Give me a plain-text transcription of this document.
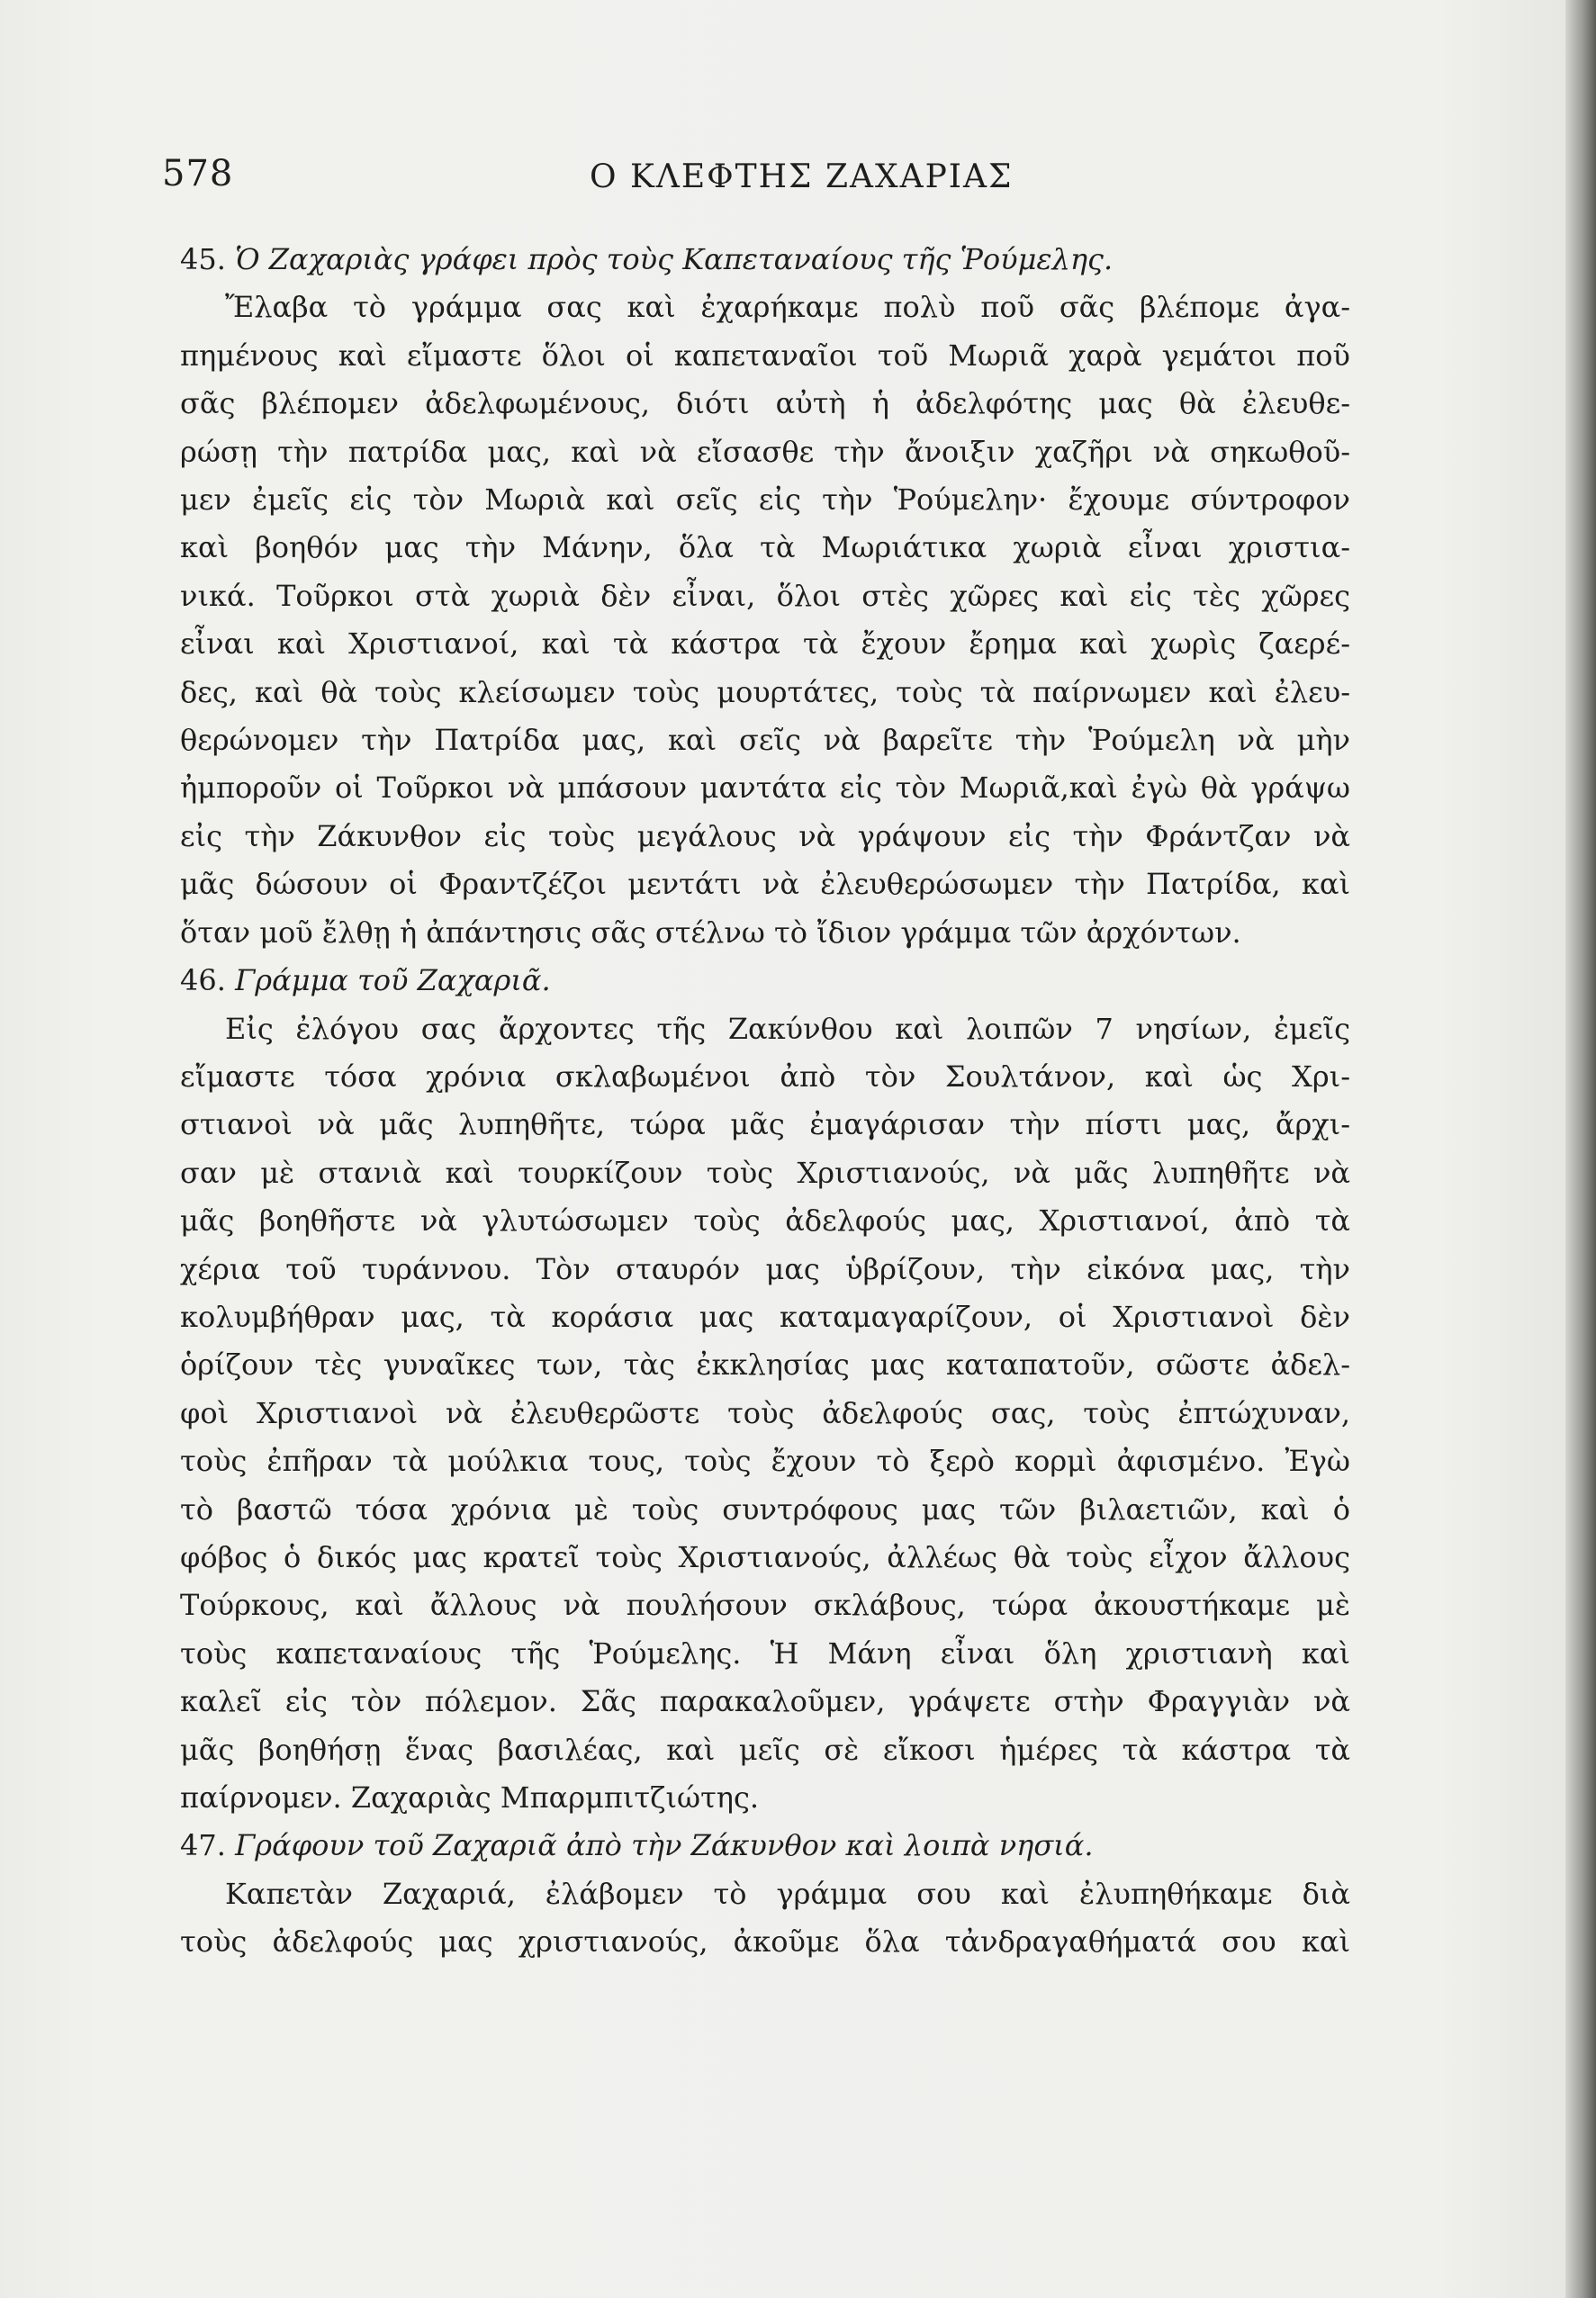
578	Ο ΚΛΕΦΤΗΣ ΖΑΧΑΡΙΑΣ
45. Ὁ Ζαχαριὰς γράφει πρὸς τοὺς Καπεταναίους τῆς Ῥούμελης.
Ἔλαβα τὸ γράμμα σας καὶ ἐχαρήκαμε πολὺ ποῦ σᾶς βλέπομε ἀγα-
πημένους καὶ εἴμαστε ὅλοι οἱ καπεταναῖοι τοῦ Μωριᾶ χαρὰ γεμάτοι ποῦ
σᾶς βλέπομεν ἀδελφωμένους, διότι αὐτὴ ἡ ἀδελφότης μας θὰ ἐλευθε-
ρώσῃ τὴν πατρίδα μας, καὶ νὰ εἴσασθε τὴν ἄνοιξιν χαζῆρι νὰ σηκωθοῦ-
μεν ἐμεῖς εἰς τὸν Μωριὰ καὶ σεῖς εἰς τὴν Ῥούμελην· ἔχουμε σύντροφον
καὶ βοηθόν μας τὴν Μάνην, ὅλα τὰ Μωριάτικα χωριὰ εἶναι χριστια-
νικά. Τοῦρκοι στὰ χωριὰ δὲν εἶναι, ὅλοι στὲς χῶρες καὶ εἰς τὲς χῶρες
εἶναι καὶ Χριστιανοί, καὶ τὰ κάστρα τὰ ἔχουν ἔρημα καὶ χωρὶς ζαερέ-
δες, καὶ θὰ τοὺς κλείσωμεν τοὺς μουρτάτες, τοὺς τὰ παίρνωμεν καὶ ἐλευ-
θερώνομεν τὴν Πατρίδα μας, καὶ σεῖς νὰ βαρεῖτε τὴν Ῥούμελη νὰ μὴν
ἠμποροῦν οἱ Τοῦρκοι νὰ μπάσουν μαντάτα εἰς τὸν Μωριᾶ,καὶ ἐγὼ θὰ γράψω
εἰς τὴν Ζάκυνθον εἰς τοὺς μεγάλους νὰ γράψουν εἰς τὴν Φράντζαν νὰ
μᾶς δώσουν οἱ Φραντζέζοι μεντάτι νὰ ἐλευθερώσωμεν τὴν Πατρίδα, καὶ
ὅταν μοῦ ἔλθῃ ἡ ἀπάντησις σᾶς στέλνω τὸ ἴδιον γράμμα τῶν ἀρχόντων.
46. Γράμμα τοῦ Ζαχαριᾶ.
Εἰς ἐλόγου σας ἄρχοντες τῆς Ζακύνθου καὶ λοιπῶν 7 νησίων, ἐμεῖς
εἴμαστε τόσα χρόνια σκλαβωμένοι ἀπὸ τὸν Σουλτάνον, καὶ ὡς Χρι-
στιανοὶ νὰ μᾶς λυπηθῆτε, τώρα μᾶς ἐμαγάρισαν τὴν πίστι μας, ἄρχι-
σαν μὲ στανιὰ καὶ τουρκίζουν τοὺς Χριστιανούς, νὰ μᾶς λυπηθῆτε νὰ
μᾶς βοηθῆστε νὰ γλυτώσωμεν τοὺς ἀδελφούς μας, Χριστιανοί, ἀπὸ τὰ
χέρια τοῦ τυράννου. Τὸν σταυρόν μας ὑβρίζουν, τὴν εἰκόνα μας, τὴν
κολυμβήθραν μας, τὰ κοράσια μας καταμαγαρίζουν, οἱ Χριστιανοὶ δὲν
ὁρίζουν τὲς γυναῖκες των, τὰς ἐκκλησίας μας καταπατοῦν, σῶστε ἀδελ-
φοὶ Χριστιανοὶ νὰ ἐλευθερῶστε τοὺς ἀδελφούς σας, τοὺς ἐπτώχυναν,
τοὺς ἐπῆραν τὰ μούλκια τους, τοὺς ἔχουν τὸ ξερὸ κορμὶ ἀφισμένο. Ἐγὼ
τὸ βαστῶ τόσα χρόνια μὲ τοὺς συντρόφους μας τῶν βιλαετιῶν, καὶ ὁ
φόβος ὁ δικός μας κρατεῖ τοὺς Χριστιανούς, ἀλλέως θὰ τοὺς εἶχον ἄλλους
Τούρκους, καὶ ἄλλους νὰ πουλήσουν σκλάβους, τώρα ἀκουστήκαμε μὲ
τοὺς καπεταναίους τῆς Ῥούμελης. Ἡ Μάνη εἶναι ὅλη χριστιανὴ καὶ
καλεῖ εἰς τὸν πόλεμον. Σᾶς παρακαλοῦμεν, γράψετε στὴν Φραγγιὰν νὰ
μᾶς βοηθήσῃ ἕνας βασιλέας, καὶ μεῖς σὲ εἴκοσι ἡμέρες τὰ κάστρα τὰ
παίρνομεν. Ζαχαριὰς Μπαρμπιτζιώτης.
47. Γράφουν τοῦ Ζαχαριᾶ ἀπὸ τὴν Ζάκυνθον καὶ λοιπὰ νησιά.
Καπετὰν Ζαχαριά, ἐλάβομεν τὸ γράμμα σου καὶ ἐλυπηθήκαμε διὰ
τοὺς ἀδελφούς μας χριστιανούς, ἀκοῦμε ὅλα τἀνδραγαθήματά σου καὶ
